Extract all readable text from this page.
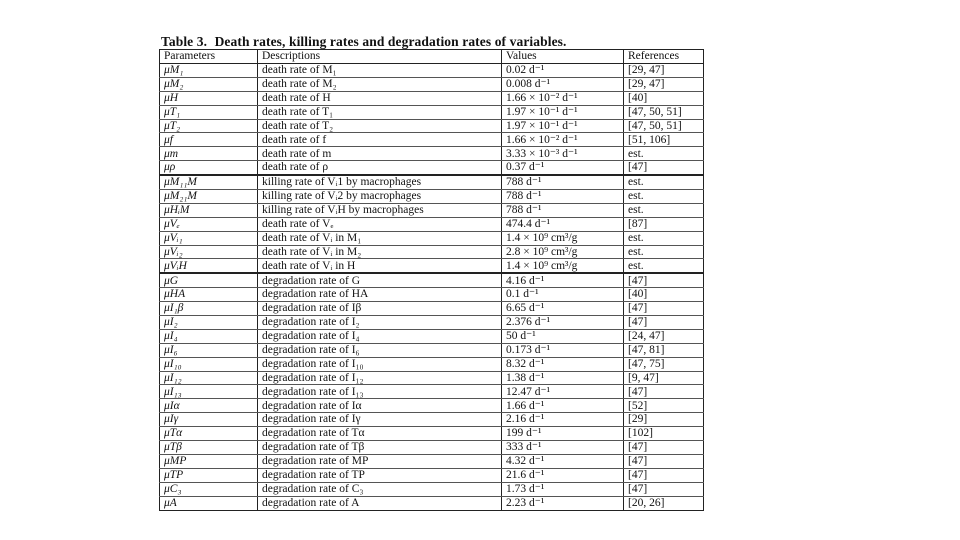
Table 3. Death rates, killing rates and degradation rates of variables.
Parameters	Descriptions	Values	References
μM₁	death rate of M₁	0.02 d⁻¹	[29, 47]
μM₂	death rate of M₂	0.008 d⁻¹	[29, 47]
μH	death rate of H	1.66 × 10⁻² d⁻¹	[40]
μT₁	death rate of T₁	1.97 × 10⁻¹ d⁻¹	[47, 50, 51]
μT₂	death rate of T₂	1.97 × 10⁻¹ d⁻¹	[47, 50, 51]
μf	death rate of f	1.66 × 10⁻² d⁻¹	[51, 106]
μm	death rate of m	3.33 × 10⁻³ d⁻¹	est.
μρ	death rate of ρ	0.37 d⁻¹	[47]
μM₁₁M	killing rate of Vᵢ1 by macrophages	788 d⁻¹	est.
μM₂₁M	killing rate of Vᵢ2 by macrophages	788 d⁻¹	est.
μHᵢM	killing rate of VᵢH by macrophages	788 d⁻¹	est.
μVₑ	death rate of Vₑ	474.4 d⁻¹	[87]
μVᵢ₁	death rate of Vᵢ in M₁	1.4 × 10⁹ cm³/g	est.
μVᵢ₂	death rate of Vᵢ in M₂	2.8 × 10⁹ cm³/g	est.
μVᵢH	death rate of Vᵢ in H	1.4 × 10⁹ cm³/g	est.
μG	degradation rate of G	4.16 d⁻¹	[47]
μHA	degradation rate of HA	0.1 d⁻¹	[40]
μI₁β	degradation rate of Iβ	6.65 d⁻¹	[47]
μI₂	degradation rate of I₂	2.376 d⁻¹	[47]
μI₄	degradation rate of I₄	50 d⁻¹	[24, 47]
μI₆	degradation rate of I₆	0.173 d⁻¹	[47, 81]
μI₁₀	degradation rate of I₁₀	8.32 d⁻¹	[47, 75]
μI₁₂	degradation rate of I₁₂	1.38 d⁻¹	[9, 47]
μI₁₃	degradation rate of I₁₃	12.47 d⁻¹	[47]
μIα	degradation rate of Iα	1.66 d⁻¹	[52]
μIγ	degradation rate of Iγ	2.16 d⁻¹	[29]
μTα	degradation rate of Tα	199 d⁻¹	[102]
μTβ	degradation rate of Tβ	333 d⁻¹	[47]
μMP	degradation rate of MP	4.32 d⁻¹	[47]
μTP	degradation rate of TP	21.6 d⁻¹	[47]
μC₃	degradation rate of C₃	1.73 d⁻¹	[47]
μA	degradation rate of A	2.23 d⁻¹	[20, 26]
